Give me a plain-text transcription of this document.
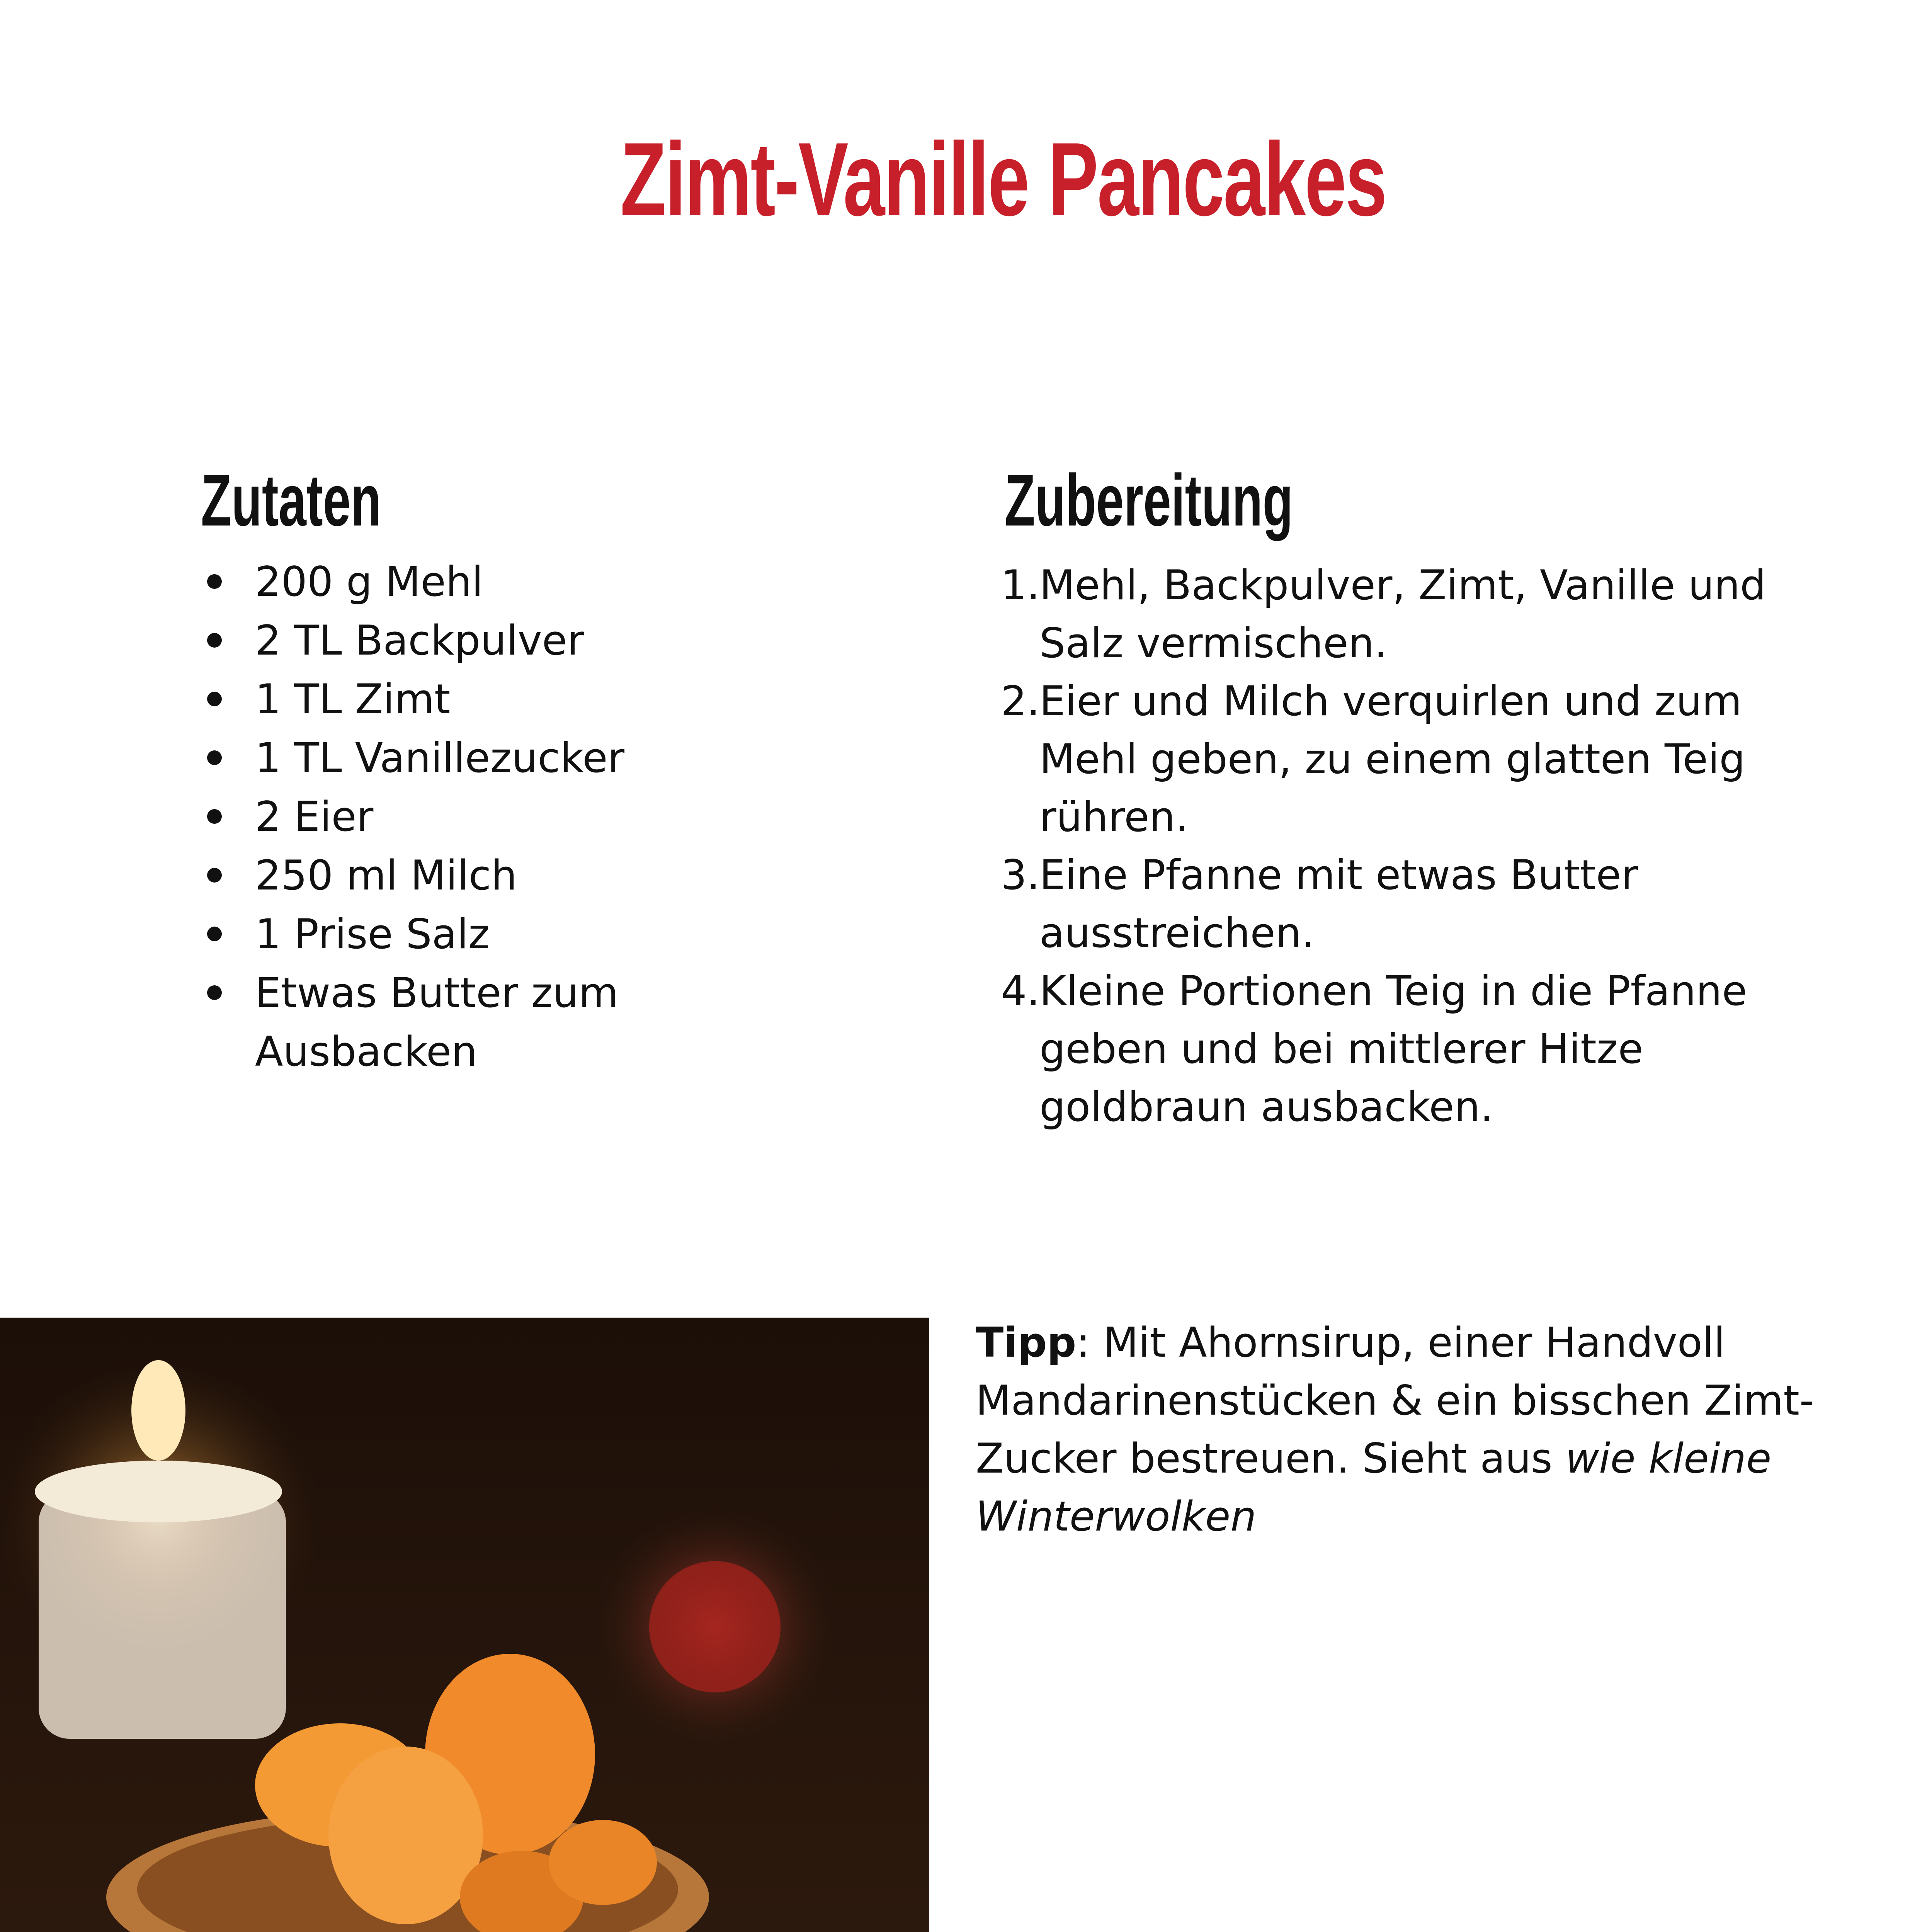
Zimt-Vanille Pancakes
Zutaten
200 g Mehl
2 TL Backpulver
1 TL Zimt
1 TL Vanillezucker
2 Eier
250 ml Milch
1 Prise Salz
Etwas Butter zum
Ausbacken
Zubereitung
1.
Mehl, Backpulver, Zimt, Vanille und
Salz vermischen.
2.
Eier und Milch verquirlen und zum
Mehl geben, zu einem glatten Teig
rühren.
3.
Eine Pfanne mit etwas Butter
ausstreichen.
4.
Kleine Portionen Teig in die Pfanne
geben und bei mittlerer Hitze
goldbraun ausbacken.
Tipp: Mit Ahornsirup, einer Handvoll
Mandarinenstücken & ein bisschen Zimt-
Zucker bestreuen. Sieht aus wie kleine
Winterwolken
